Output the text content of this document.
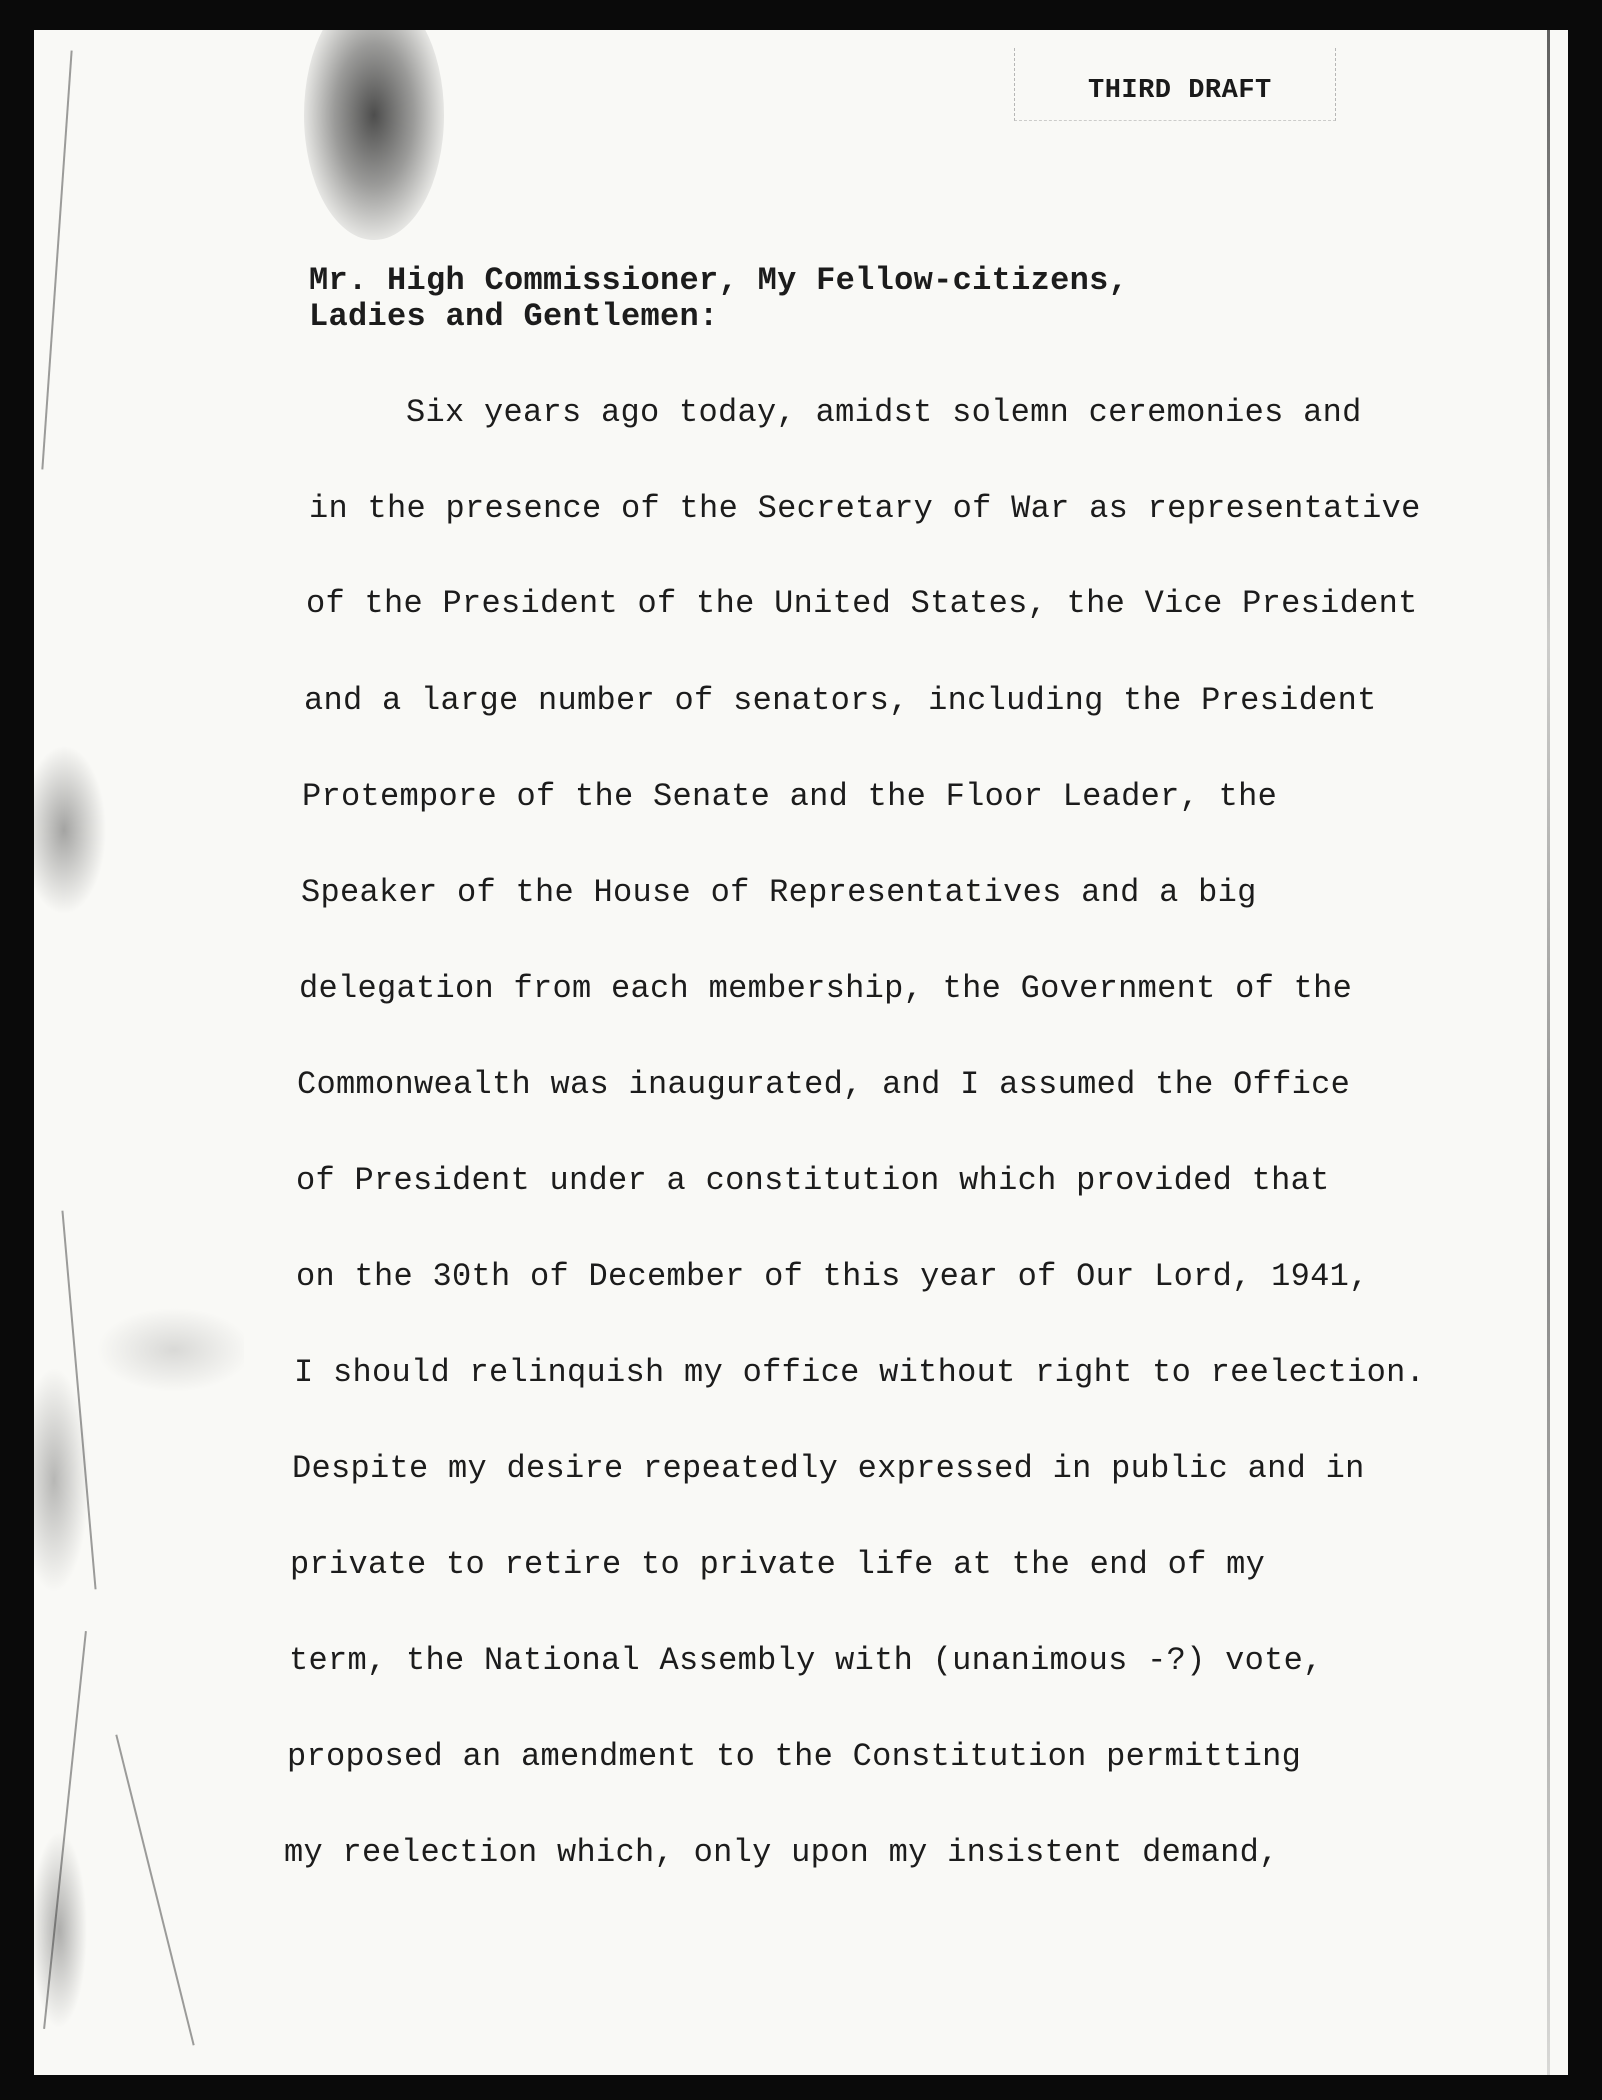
THIRD DRAFT
Mr. High Commissioner, My Fellow-citizens,
Ladies and Gentlemen:
Six years ago today, amidst solemn ceremonies and
in the presence of the Secretary of War as representative
of the President of the United States, the Vice President
and a large number of senators, including the President
Protempore of the Senate and the Floor Leader, the
Speaker of the House of Representatives and a big
delegation from each membership, the Government of the
Commonwealth was inaugurated, and I assumed the Office
of President under a constitution which provided that
on the 30th of December of this year of Our Lord, 1941,
I should relinquish my office without right to reelection.
Despite my desire repeatedly expressed in public and in
private to retire to private life at the end of my
term, the National Assembly with (unanimous -?) vote,
proposed an amendment to the Constitution permitting
my reelection which, only upon my insistent demand,
